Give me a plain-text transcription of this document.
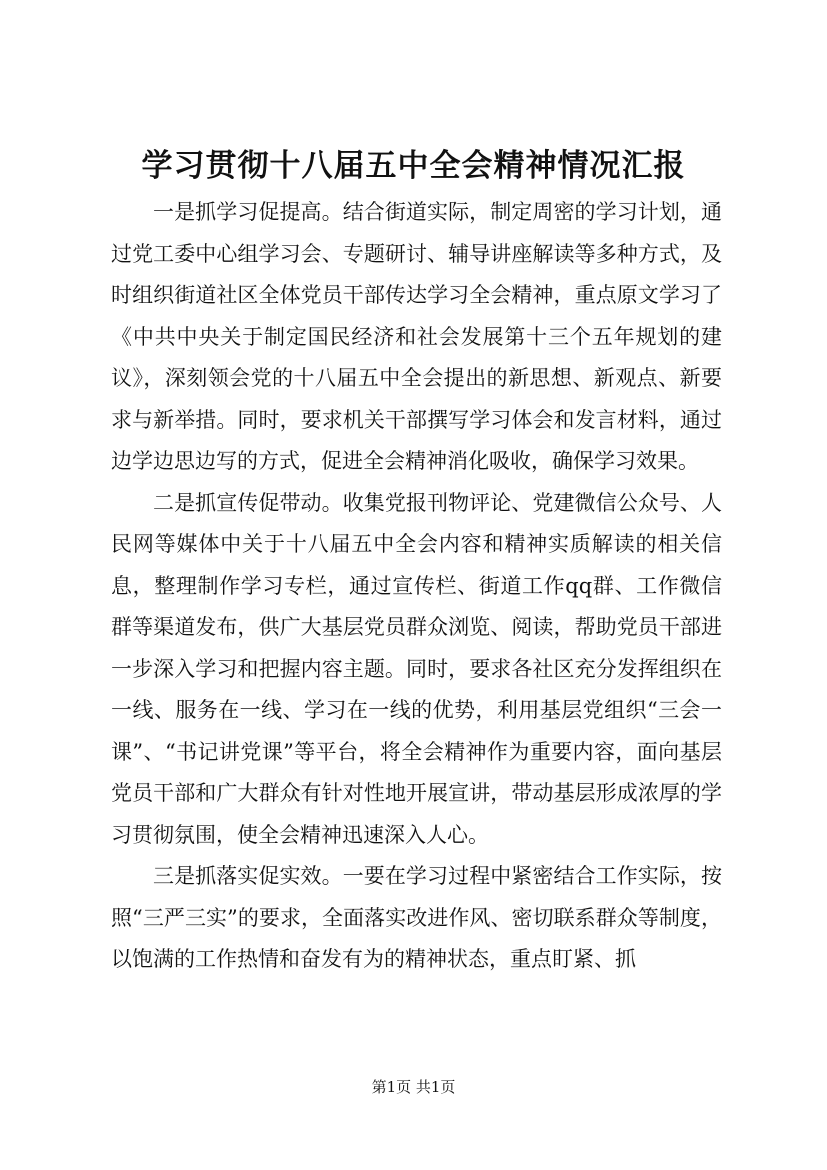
学习贯彻十八届五中全会精神情况汇报

一是抓学习促提高。结合街道实际，制定周密的学习计划，通过党工委中心组学习会、专题研讨、辅导讲座解读等多种方式，及时组织街道社区全体党员干部传达学习全会精神，重点原文学习了《中共中央关于制定国民经济和社会发展第十三个五年规划的建议》，深刻领会党的十八届五中全会提出的新思想、新观点、新要求与新举措。同时，要求机关干部撰写学习体会和发言材料，通过边学边思边写的方式，促进全会精神消化吸收，确保学习效果。

二是抓宣传促带动。收集党报刊物评论、党建微信公众号、人民网等媒体中关于十八届五中全会内容和精神实质解读的相关信息，整理制作学习专栏，通过宣传栏、街道工作qq群、工作微信群等渠道发布，供广大基层党员群众浏览、阅读，帮助党员干部进一步深入学习和把握内容主题。同时，要求各社区充分发挥组织在一线、服务在一线、学习在一线的优势，利用基层党组织“三会一课”、“书记讲党课”等平台，将全会精神作为重要内容，面向基层党员干部和广大群众有针对性地开展宣讲，带动基层形成浓厚的学习贯彻氛围，使全会精神迅速深入人心。

三是抓落实促实效。一要在学习过程中紧密结合工作实际，按照“三严三实”的要求，全面落实改进作风、密切联系群众等制度，以饱满的工作热情和奋发有为的精神状态，重点盯紧、抓

第1页 共1页
